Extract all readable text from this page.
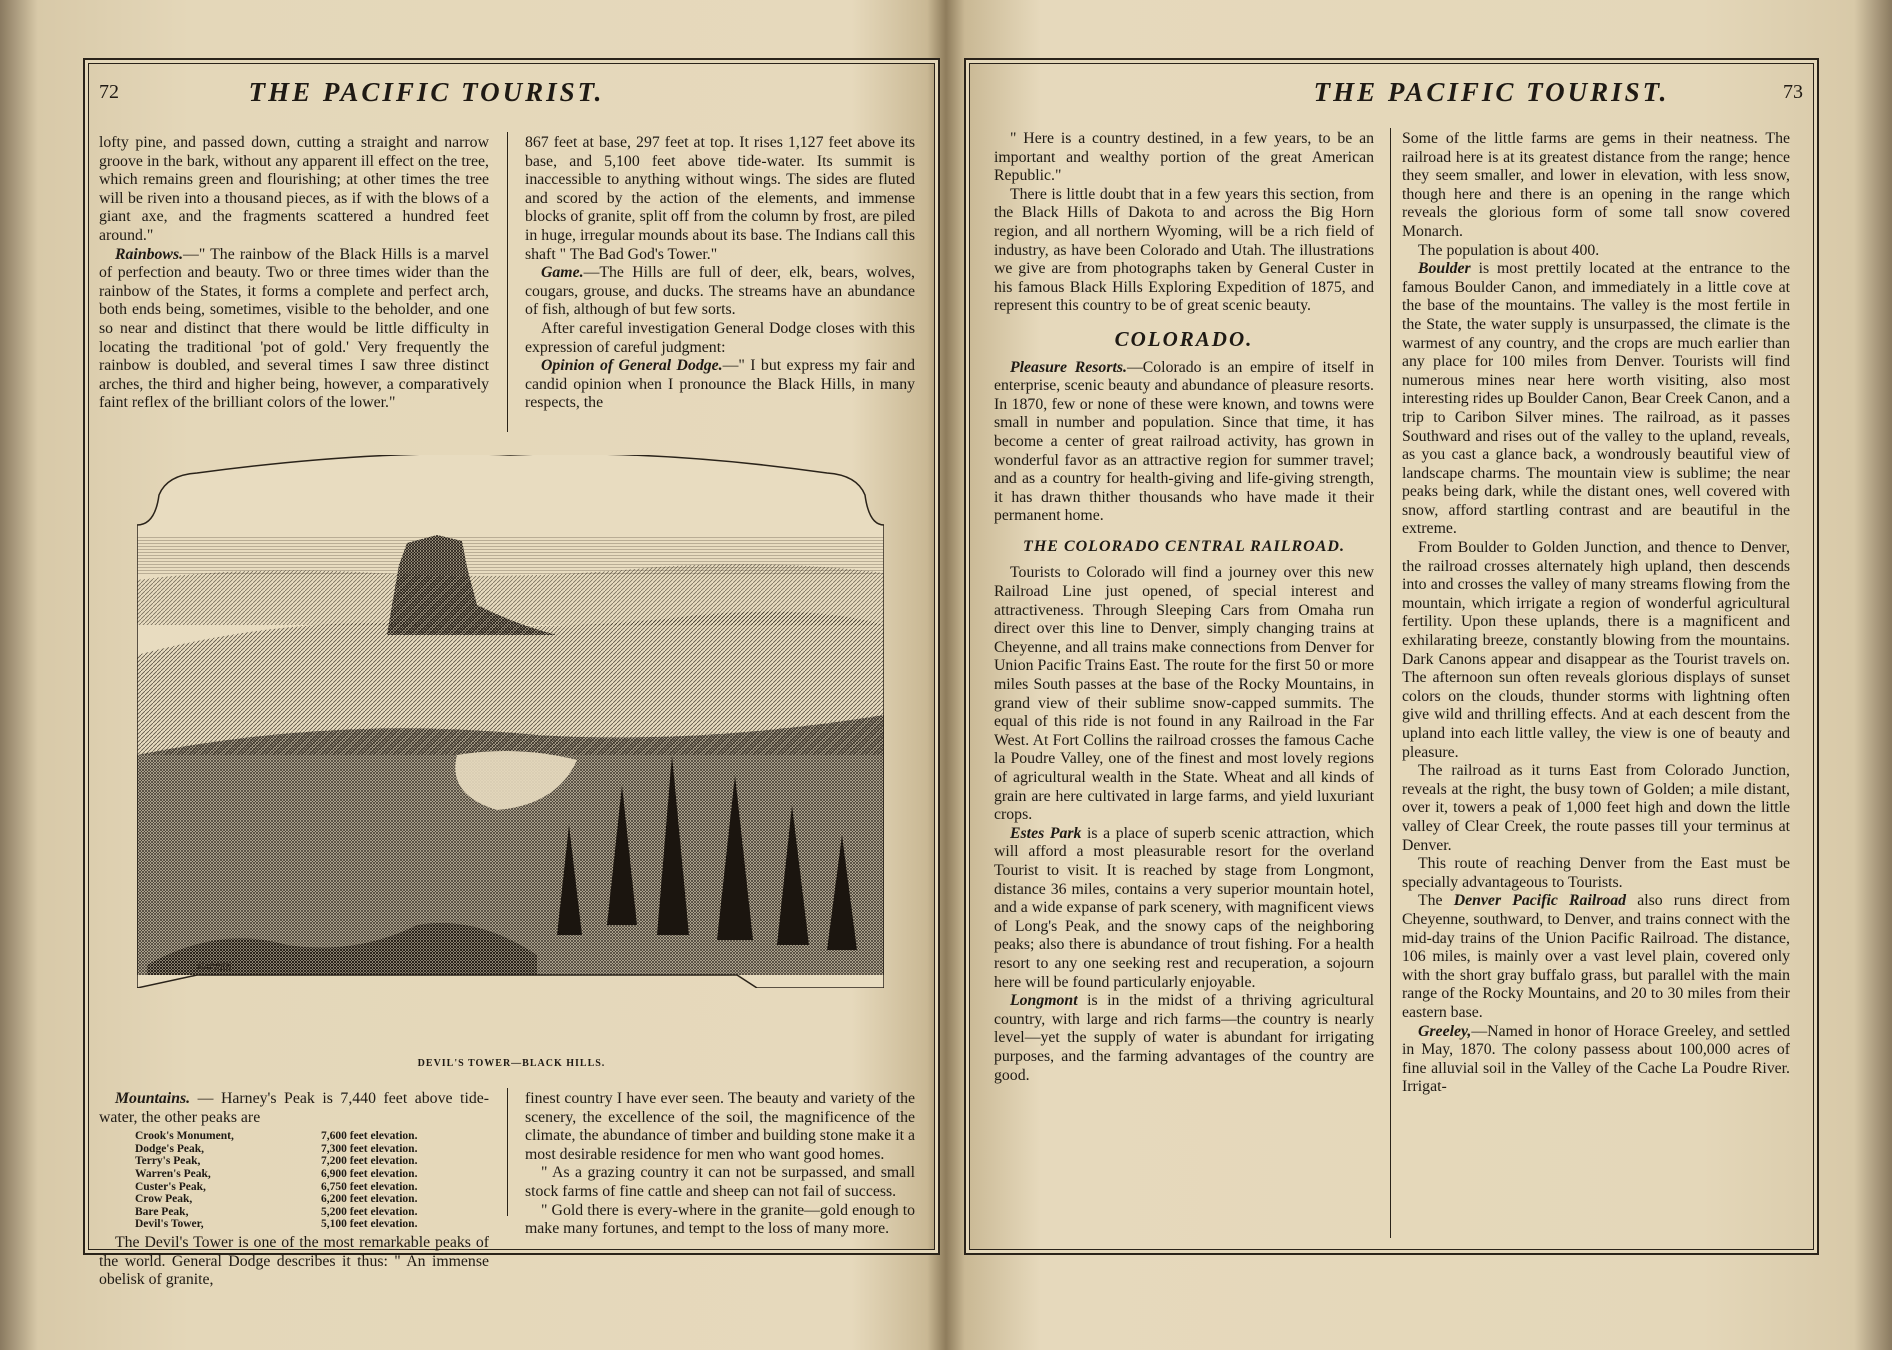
72	THE PACIFIC TOURIST.

lofty pine, and passed down, cutting a straight and narrow groove in the bark, without any apparent ill effect on the tree, which remains green and flourishing; at other times the tree will be riven into a thousand pieces, as if with the blows of a giant axe, and the fragments scattered a hundred feet around."

Rainbows.—" The rainbow of the Black Hills is a marvel of perfection and beauty. Two or three times wider than the rainbow of the States, it forms a complete and perfect arch, both ends being, sometimes, visible to the beholder, and one so near and distinct that there would be little difficulty in locating the traditional 'pot of gold.' Very frequently the rainbow is doubled, and several times I saw three distinct arches, the third and higher being, however, a comparatively faint reflex of the brilliant colors of the lower."

867 feet at base, 297 feet at top. It rises 1,127 feet above its base, and 5,100 feet above tide-water. Its summit is inaccessible to anything without wings. The sides are fluted and scored by the action of the elements, and immense blocks of granite, split off from the column by frost, are piled in huge, irregular mounds about its base. The Indians call this shaft " The Bad God's Tower."

Game.—The Hills are full of deer, elk, bears, wolves, cougars, grouse, and ducks. The streams have an abundance of fish, although of but few sorts.

After careful investigation General Dodge closes with this expression of careful judgment:

Opinion of General Dodge.—" I but express my fair and candid opinion when I pronounce the Black Hills, in many respects, the

HARREN
DEVIL'S TOWER—BLACK HILLS.

Mountains. — Harney's Peak is 7,440 feet above tide-water, the other peaks are

Crook's Monument,	7,600 feet elevation.
Dodge's Peak,	7,300 feet elevation.
Terry's Peak,	7,200 feet elevation.
Warren's Peak,	6,900 feet elevation.
Custer's Peak,	6,750 feet elevation.
Crow Peak,	6,200 feet elevation.
Bare Peak,	5,200 feet elevation.
Devil's Tower,	5,100 feet elevation.

The Devil's Tower is one of the most remarkable peaks of the world. General Dodge describes it thus: " An immense obelisk of granite,

finest country I have ever seen. The beauty and variety of the scenery, the excellence of the soil, the magnificence of the climate, the abundance of timber and building stone make it a most desirable residence for men who want good homes.

" As a grazing country it can not be surpassed, and small stock farms of fine cattle and sheep can not fail of success.

" Gold there is every-where in the granite—gold enough to make many fortunes, and tempt to the loss of many more.

THE PACIFIC TOURIST.	73

" Here is a country destined, in a few years, to be an important and wealthy portion of the great American Republic."

There is little doubt that in a few years this section, from the Black Hills of Dakota to and across the Big Horn region, and all northern Wyoming, will be a rich field of industry, as have been Colorado and Utah. The illustrations we give are from photographs taken by General Custer in his famous Black Hills Exploring Expedition of 1875, and represent this country to be of great scenic beauty.

COLORADO.

Pleasure Resorts.—Colorado is an empire of itself in enterprise, scenic beauty and abundance of pleasure resorts. In 1870, few or none of these were known, and towns were small in number and population. Since that time, it has become a center of great railroad activity, has grown in wonderful favor as an attractive region for summer travel; and as a country for health-giving and life-giving strength, it has drawn thither thousands who have made it their permanent home.

THE COLORADO CENTRAL RAILROAD.

Tourists to Colorado will find a journey over this new Railroad Line just opened, of special interest and attractiveness. Through Sleeping Cars from Omaha run direct over this line to Denver, simply changing trains at Cheyenne, and all trains make connections from Denver for Union Pacific Trains East. The route for the first 50 or more miles South passes at the base of the Rocky Mountains, in grand view of their sublime snow-capped summits. The equal of this ride is not found in any Railroad in the Far West. At Fort Collins the railroad crosses the famous Cache la Poudre Valley, one of the finest and most lovely regions of agricultural wealth in the State. Wheat and all kinds of grain are here cultivated in large farms, and yield luxuriant crops.

Estes Park is a place of superb scenic attraction, which will afford a most pleasurable resort for the overland Tourist to visit. It is reached by stage from Longmont, distance 36 miles, contains a very superior mountain hotel, and a wide expanse of park scenery, with magnificent views of Long's Peak, and the snowy caps of the neighboring peaks; also there is abundance of trout fishing. For a health resort to any one seeking rest and recuperation, a sojourn here will be found particularly enjoyable.

Longmont is in the midst of a thriving agricultural country, with large and rich farms—the country is nearly level—yet the supply of water is abundant for irrigating purposes, and the farming advantages of the country are good.

Some of the little farms are gems in their neatness. The railroad here is at its greatest distance from the range; hence they seem smaller, and lower in elevation, with less snow, though here and there is an opening in the range which reveals the glorious form of some tall snow covered Monarch.

The population is about 400.

Boulder is most prettily located at the entrance to the famous Boulder Canon, and immediately in a little cove at the base of the mountains. The valley is the most fertile in the State, the water supply is unsurpassed, the climate is the warmest of any country, and the crops are much earlier than any place for 100 miles from Denver. Tourists will find numerous mines near here worth visiting, also most interesting rides up Boulder Canon, Bear Creek Canon, and a trip to Caribon Silver mines. The railroad, as it passes Southward and rises out of the valley to the upland, reveals, as you cast a glance back, a wondrously beautiful view of landscape charms. The mountain view is sublime; the near peaks being dark, while the distant ones, well covered with snow, afford startling contrast and are beautiful in the extreme.

From Boulder to Golden Junction, and thence to Denver, the railroad crosses alternately high upland, then descends into and crosses the valley of many streams flowing from the mountain, which irrigate a region of wonderful agricultural fertility. Upon these uplands, there is a magnificent and exhilarating breeze, constantly blowing from the mountains. Dark Canons appear and disappear as the Tourist travels on. The afternoon sun often reveals glorious displays of sunset colors on the clouds, thunder storms with lightning often give wild and thrilling effects. And at each descent from the upland into each little valley, the view is one of beauty and pleasure.

The railroad as it turns East from Colorado Junction, reveals at the right, the busy town of Golden; a mile distant, over it, towers a peak of 1,000 feet high and down the little valley of Clear Creek, the route passes till your terminus at Denver.

This route of reaching Denver from the East must be specially advantageous to Tourists.

The Denver Pacific Railroad also runs direct from Cheyenne, southward, to Denver, and trains connect with the mid-day trains of the Union Pacific Railroad. The distance, 106 miles, is mainly over a vast level plain, covered only with the short gray buffalo grass, but parallel with the main range of the Rocky Mountains, and 20 to 30 miles from their eastern base.

Greeley,—Named in honor of Horace Greeley, and settled in May, 1870. The colony passess about 100,000 acres of fine alluvial soil in the Valley of the Cache La Poudre River. Irrigat-
